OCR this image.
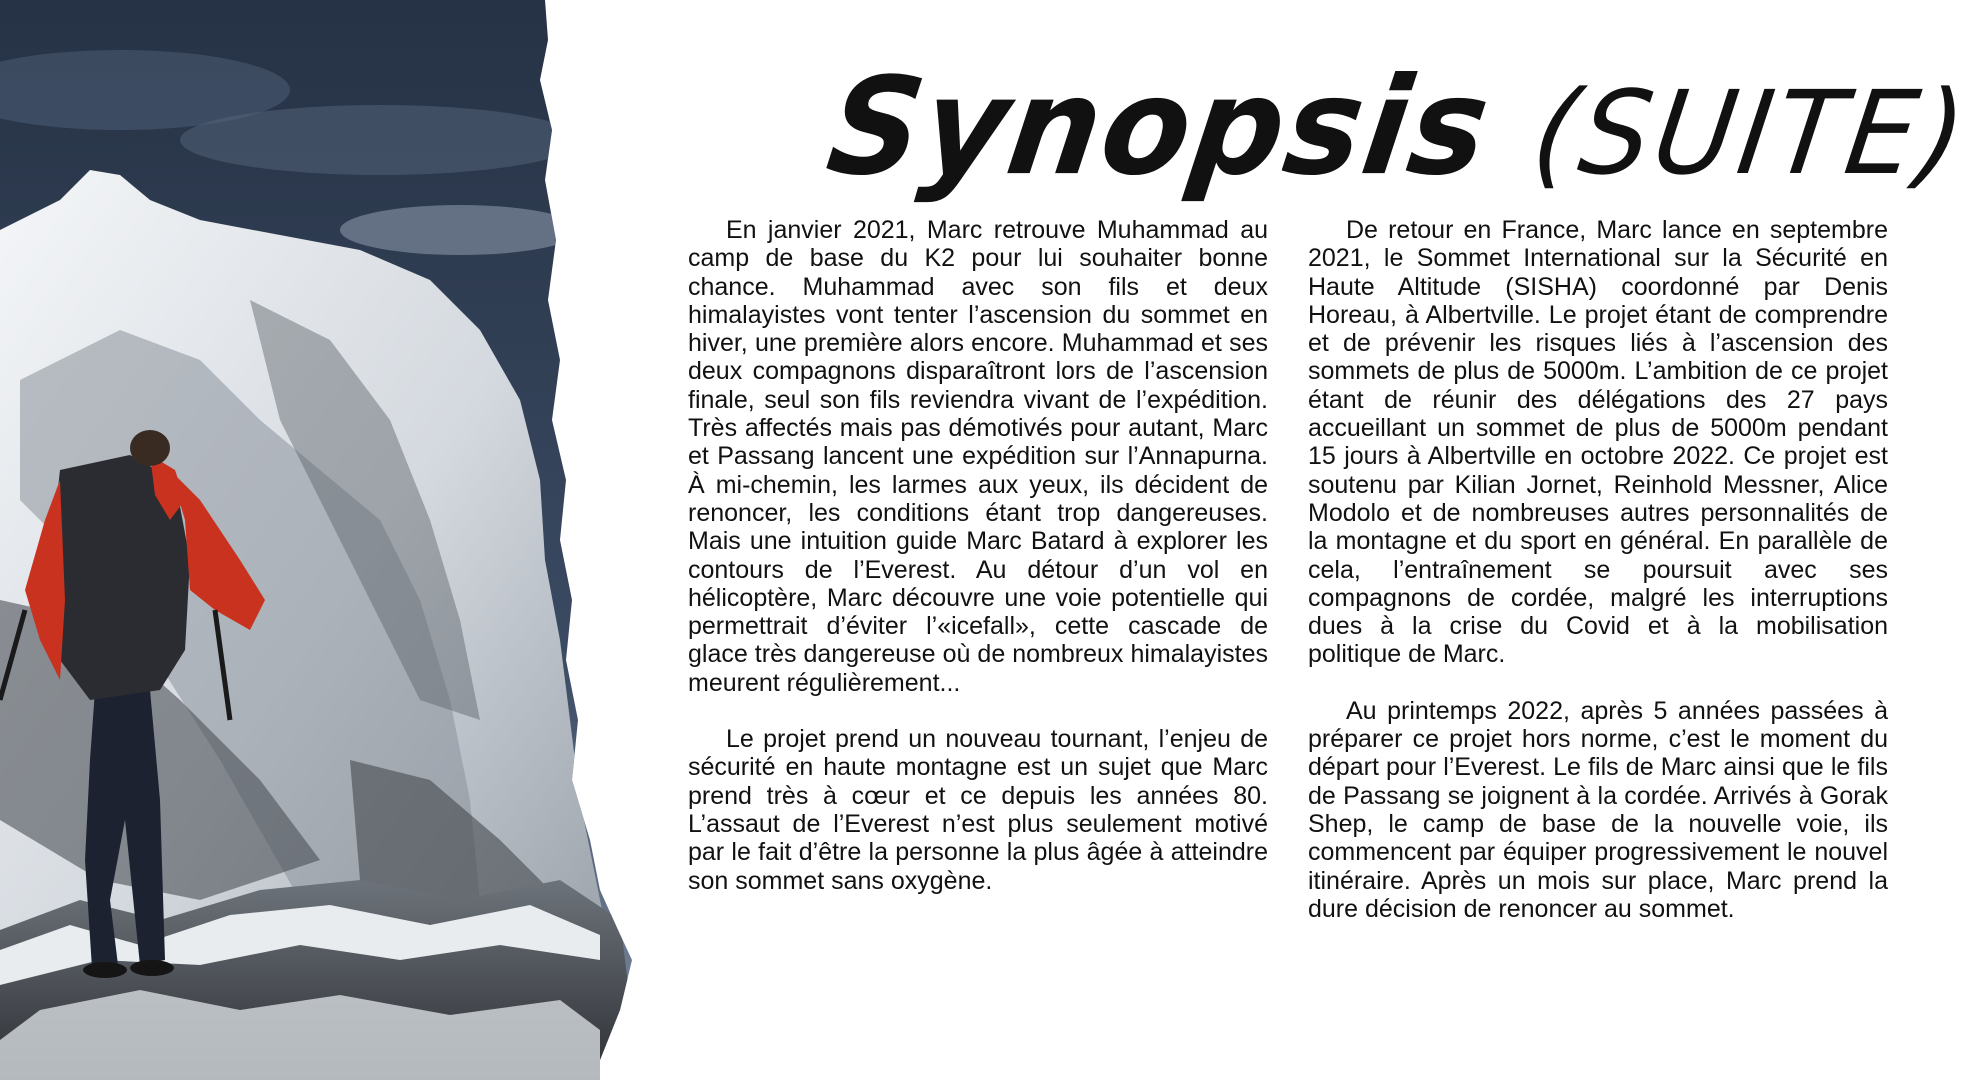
Synopsis (SUITE)

En janvier 2021, Marc retrouve Muhammad au camp de base du K2 pour lui souhaiter bonne chance. Muhammad avec son fils et deux himalayistes vont tenter l’ascension du sommet en hiver, une première alors encore. Muhammad et ses deux compagnons disparaîtront lors de l’ascension finale, seul son fils reviendra vivant de l’expédition. Très affectés mais pas démotivés pour autant, Marc et Passang lancent une expédition sur l’Annapurna. À mi-chemin, les larmes aux yeux, ils décident de renoncer, les conditions étant trop dangereuses. Mais une intuition guide Marc Batard à explorer les contours de l’Everest. Au détour d’un vol en hélicoptère, Marc découvre une voie potentielle qui permettrait d’éviter l’«icefall», cette cascade de glace très dangereuse où de nombreux himalayistes meurent régulièrement...

Le projet prend un nouveau tournant, l’enjeu de sécurité en haute montagne est un sujet que Marc prend très à cœur et ce depuis les années 80. L’assaut de l’Everest n’est plus seulement motivé par le fait d’être la personne la plus âgée à atteindre son sommet sans oxygène.

De retour en France, Marc lance en septembre 2021, le Sommet International sur la Sécurité en Haute Altitude (SISHA) coordonné par Denis Horeau, à Albertville. Le projet étant de comprendre et de prévenir les risques liés à l’ascension des sommets de plus de 5000m. L’ambition de ce projet étant de réunir des délégations des 27 pays accueillant un sommet de plus de 5000m pendant 15 jours à Albertville en octobre 2022. Ce projet est soutenu par Kilian Jornet, Reinhold Messner, Alice Modolo et de nombreuses autres personnalités de la montagne et du sport en général. En parallèle de cela, l’entraînement se poursuit avec ses compagnons de cordée, malgré les interruptions dues à la crise du Covid et à la mobilisation politique de Marc.

Au printemps 2022, après 5 années passées à préparer ce projet hors norme, c’est le moment du départ pour l’Everest. Le fils de Marc ainsi que le fils de Passang se joignent à la cordée. Arrivés à Gorak Shep, le camp de base de la nouvelle voie, ils commencent par équiper progressivement le nouvel itinéraire. Après un mois sur place, Marc prend la dure décision de renoncer au sommet.
